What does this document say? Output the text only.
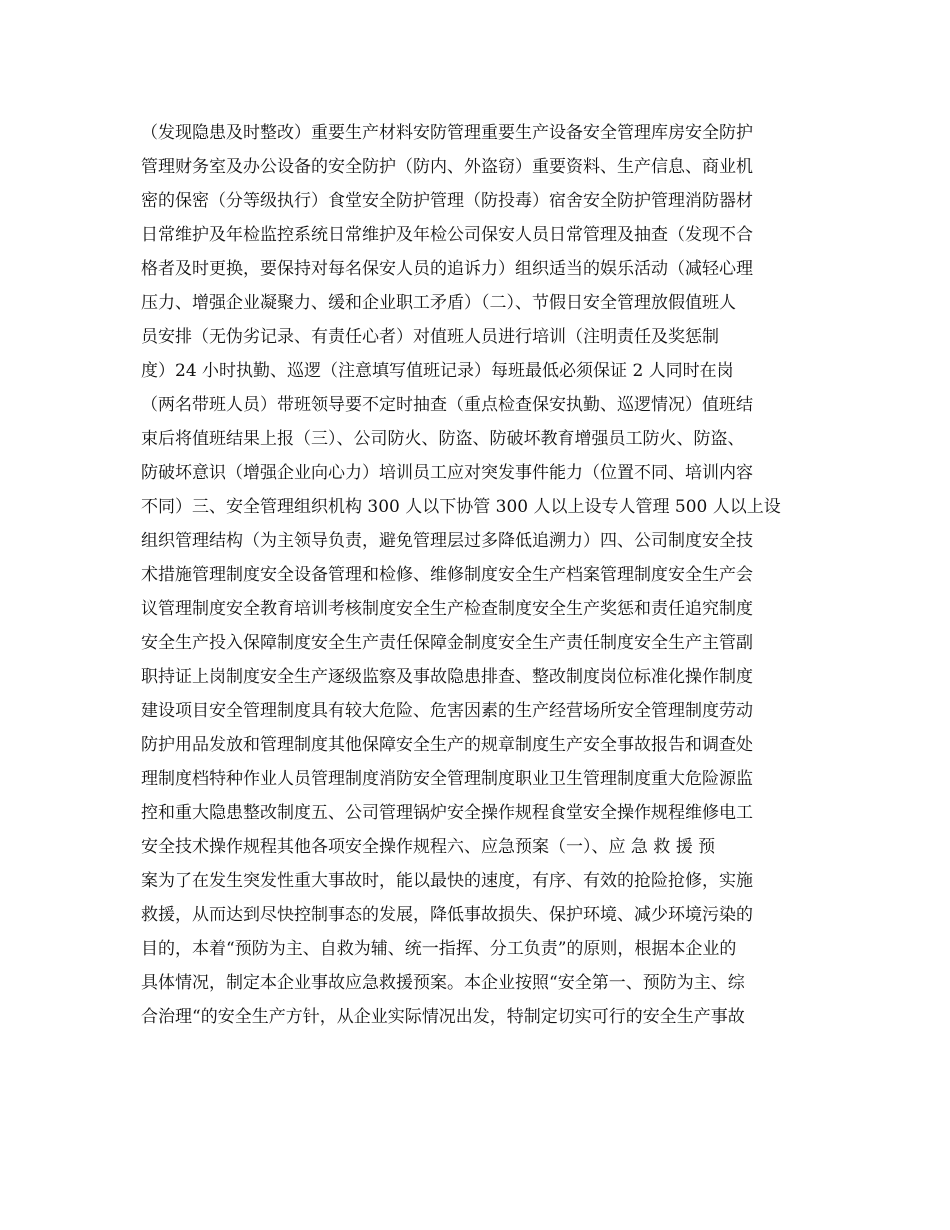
（发现隐患及时整改）重要生产材料安防管理重要生产设备安全管理库房安全防护
管理财务室及办公设备的安全防护（防内、外盗窃）重要资料、生产信息、商业机
密的保密（分等级执行）食堂安全防护管理（防投毒）宿舍安全防护管理消防器材
日常维护及年检监控系统日常维护及年检公司保安人员日常管理及抽查（发现不合
格者及时更换，要保持对每名保安人员的追诉力）组织适当的娱乐活动（减轻心理
压力、增强企业凝聚力、缓和企业职工矛盾）（二）、节假日安全管理放假值班人
员安排（无伪劣记录、有责任心者）对值班人员进行培训（注明责任及奖惩制
度）24 小时执勤、巡逻（注意填写值班记录）每班最低必须保证 2 人同时在岗
（两名带班人员）带班领导要不定时抽查（重点检查保安执勤、巡逻情况）值班结
束后将值班结果上报（三）、公司防火、防盗、防破坏教育增强员工防火、防盗、
防破坏意识（增强企业向心力）培训员工应对突发事件能力（位置不同、培训内容
不同）三、安全管理组织机构 300 人以下协管 300 人以上设专人管理 500 人以上设
组织管理结构（为主领导负责，避免管理层过多降低追溯力）四、公司制度安全技
术措施管理制度安全设备管理和检修、维修制度安全生产档案管理制度安全生产会
议管理制度安全教育培训考核制度安全生产检查制度安全生产奖惩和责任追究制度
安全生产投入保障制度安全生产责任保障金制度安全生产责任制度安全生产主管副
职持证上岗制度安全生产逐级监察及事故隐患排查、整改制度岗位标准化操作制度
建设项目安全管理制度具有较大危险、危害因素的生产经营场所安全管理制度劳动
防护用品发放和管理制度其他保障安全生产的规章制度生产安全事故报告和调查处
理制度档特种作业人员管理制度消防安全管理制度职业卫生管理制度重大危险源监
控和重大隐患整改制度五、公司管理锅炉安全操作规程食堂安全操作规程维修电工
安全技术操作规程其他各项安全操作规程六、应急预案（一）、应 急 救 援 预
案为了在发生突发性重大事故时，能以最快的速度，有序、有效的抢险抢修，实施
救援，从而达到尽快控制事态的发展，降低事故损失、保护环境、减少环境污染的
目的，本着“预防为主、自救为辅、统一指挥、分工负责”的原则，根据本企业的
具体情况，制定本企业事故应急救援预案。本企业按照“安全第一、预防为主、综
合治理“的安全生产方针，从企业实际情况出发，特制定切实可行的安全生产事故
